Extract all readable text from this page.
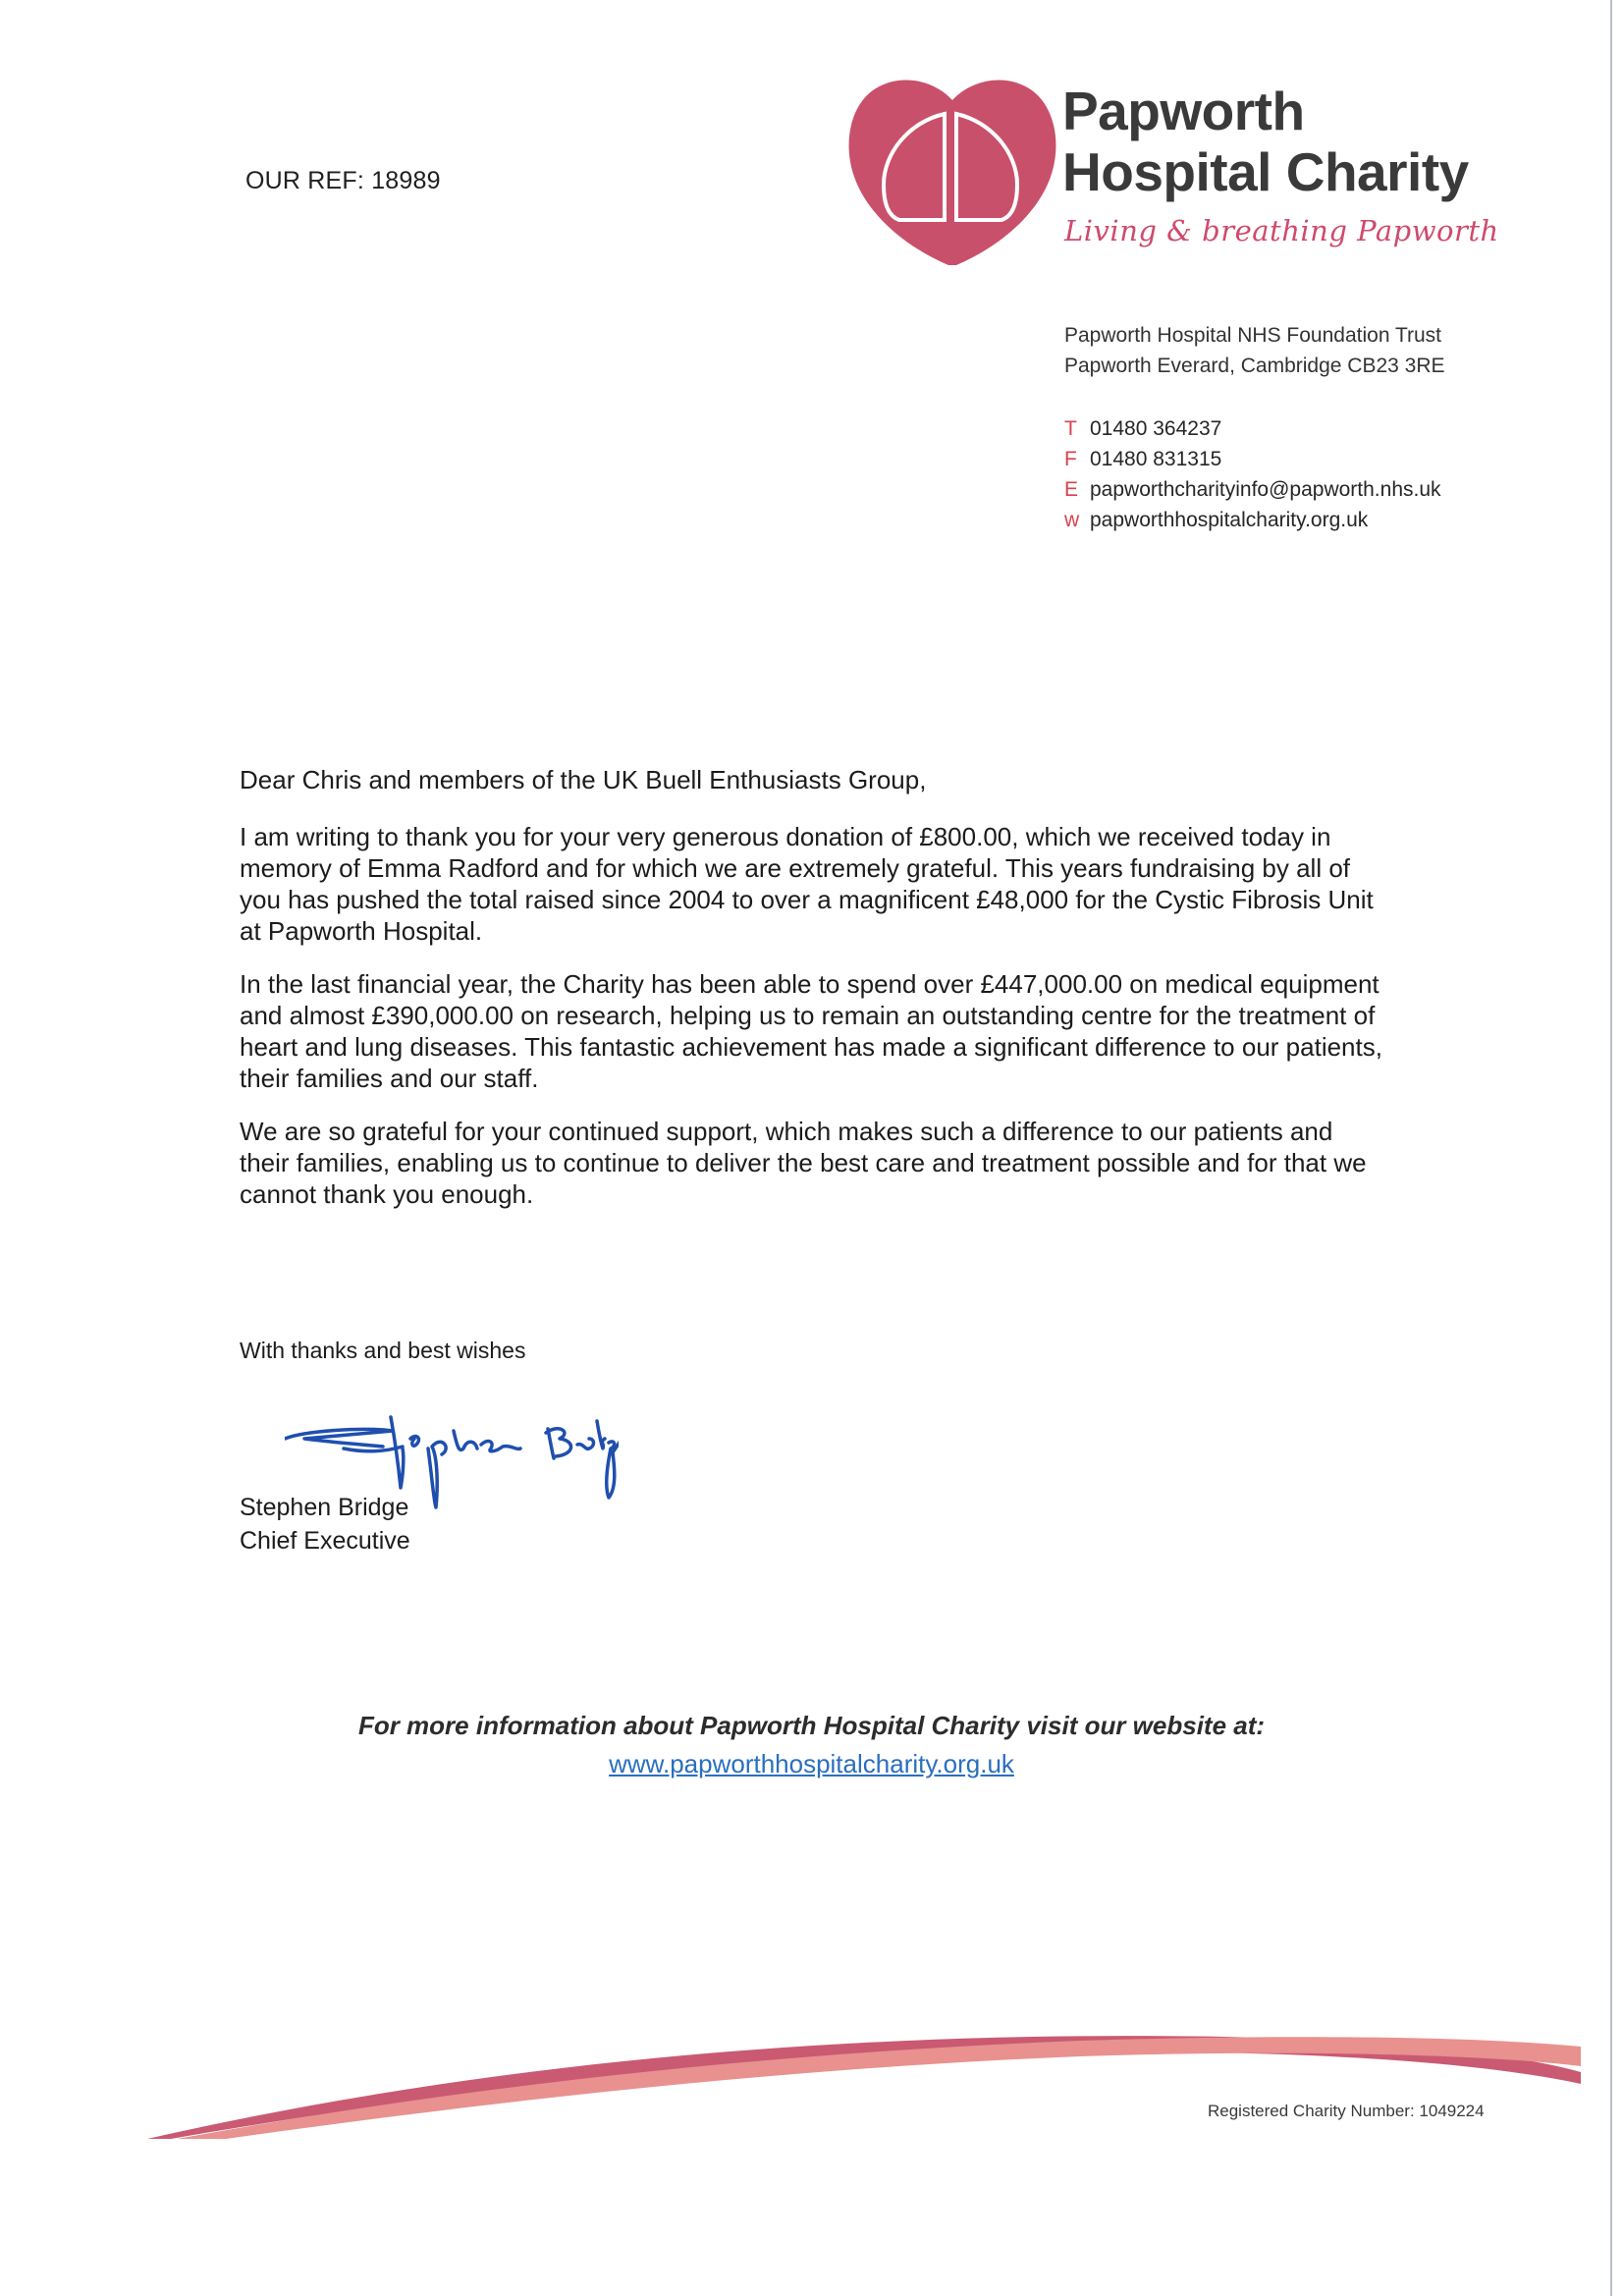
OUR REF: 18989
Papworth
Hospital Charity
Living & breathing Papworth
Papworth Hospital NHS Foundation Trust
Papworth Everard, Cambridge CB23 3RE
T 01480 364237
F 01480 831315
E papworthcharityinfo@papworth.nhs.uk
w papworthhospitalcharity.org.uk

Dear Chris and members of the UK Buell Enthusiasts Group,

I am writing to thank you for your very generous donation of £800.00, which we received today in memory of Emma Radford and for which we are extremely grateful. This years fundraising by all of you has pushed the total raised since 2004 to over a magnificent £48,000 for the Cystic Fibrosis Unit at Papworth Hospital.

In the last financial year, the Charity has been able to spend over £447,000.00 on medical equipment and almost £390,000.00 on research, helping us to remain an outstanding centre for the treatment of heart and lung diseases. This fantastic achievement has made a significant difference to our patients, their families and our staff.

We are so grateful for your continued support, which makes such a difference to our patients and their families, enabling us to continue to deliver the best care and treatment possible and for that we cannot thank you enough.

With thanks and best wishes
Stephen Bridge
Chief Executive
For more information about Papworth Hospital Charity visit our website at:
www.papworthhospitalcharity.org.uk
Registered Charity Number: 1049224
